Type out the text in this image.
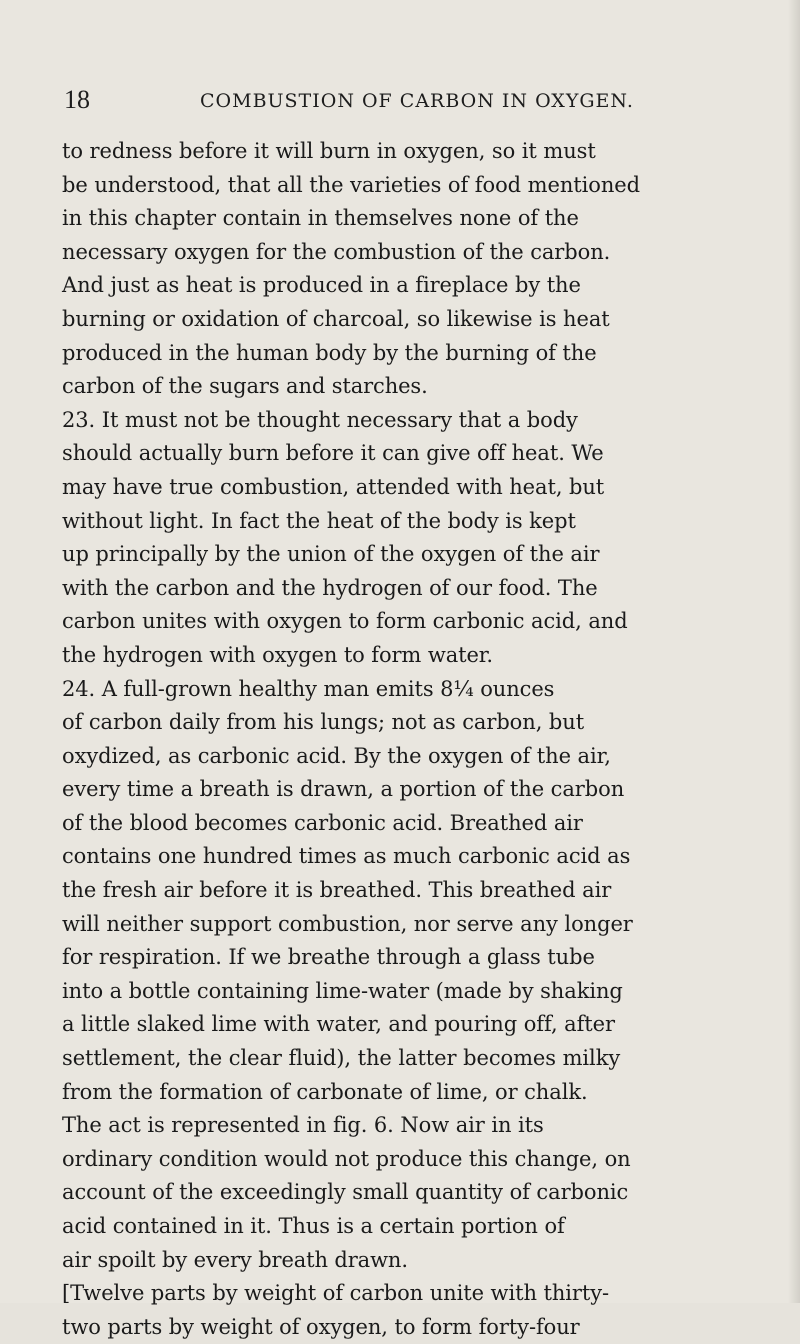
18	COMBUSTION OF CARBON IN OXYGEN.
to redness before it will burn in oxygen, so it must
be understood, that all the varieties of food mentioned
in this chapter contain in themselves none of the
necessary oxygen for the combustion of the carbon.
And just as heat is produced in a fireplace by the
burning or oxidation of charcoal, so likewise is heat
produced in the human body by the burning of the
carbon of the sugars and starches.
23. It must not be thought necessary that a body
should actually burn before it can give off heat. We
may have true combustion, attended with heat, but
without light. In fact the heat of the body is kept
up principally by the union of the oxygen of the air
with the carbon and the hydrogen of our food. The
carbon unites with oxygen to form carbonic acid, and
the hydrogen with oxygen to form water.
24. A full-grown healthy man emits 8¼ ounces
of carbon daily from his lungs; not as carbon, but
oxydized, as carbonic acid. By the oxygen of the air,
every time a breath is drawn, a portion of the carbon
of the blood becomes carbonic acid. Breathed air
contains one hundred times as much carbonic acid as
the fresh air before it is breathed. This breathed air
will neither support combustion, nor serve any longer
for respiration. If we breathe through a glass tube
into a bottle containing lime-water (made by shaking
a little slaked lime with water, and pouring off, after
settlement, the clear fluid), the latter becomes milky
from the formation of carbonate of lime, or chalk.
The act is represented in fig. 6. Now air in its
ordinary condition would not produce this change, on
account of the exceedingly small quantity of carbonic
acid contained in it. Thus is a certain portion of
air spoilt by every breath drawn.
[Twelve parts by weight of carbon unite with thirty-
two parts by weight of oxygen, to form forty-four
